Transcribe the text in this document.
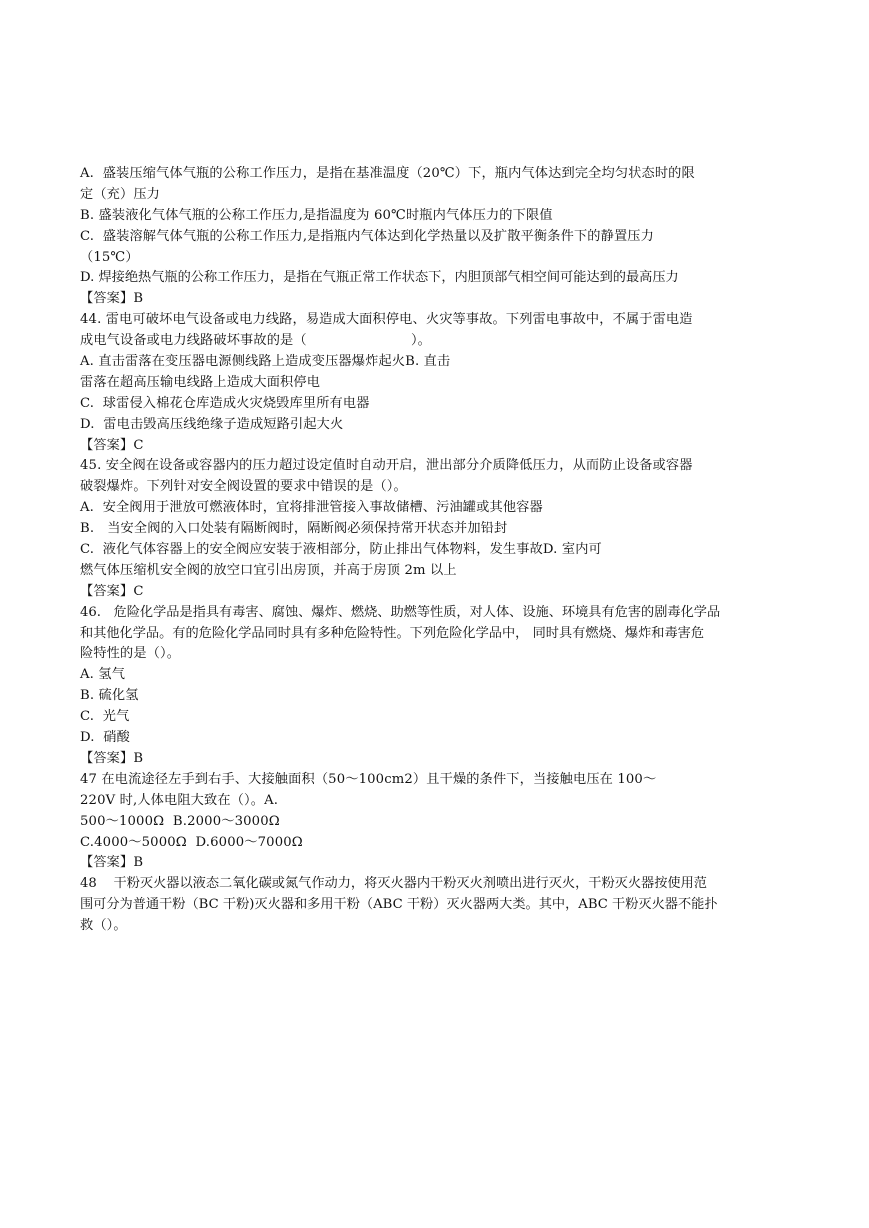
A.  盛装压缩气体气瓶的公称工作压力，是指在基准温度（20℃）下，瓶内气体达到完全均匀状态时的限
定（充）压力
B. 盛装液化气体气瓶的公称工作压力,是指温度为 60℃时瓶内气体压力的下限值
C.  盛装溶解气体气瓶的公称工作压力,是指瓶内气体达到化学热量以及扩散平衡条件下的静置压力
（15℃）
D. 焊接绝热气瓶的公称工作压力，是指在气瓶正常工作状态下，内胆顶部气相空间可能达到的最高压力
【答案】B
44. 雷电可破坏电气设备或电力线路，易造成大面积停电、火灾等事故。下列雷电事故中，不属于雷电造
成电气设备或电力线路破坏事故的是（                        ）。
A. 直击雷落在变压器电源侧线路上造成变压器爆炸起火B. 直击
雷落在超高压输电线路上造成大面积停电
C.  球雷侵入棉花仓库造成火灾烧毁库里所有电器
D.  雷电击毁高压线绝缘子造成短路引起大火
【答案】C
45. 安全阀在设备或容器内的压力超过设定值时自动开启，泄出部分介质降低压力，从而防止设备或容器
破裂爆炸。下列针对安全阀设置的要求中错误的是（）。
A.  安全阀用于泄放可燃液体时，宜将排泄管接入事故储槽、污油罐或其他容器
B.   当安全阀的入口处装有隔断阀时，隔断阀必须保持常开状态并加铅封
C.  液化气体容器上的安全阀应安装于液相部分，防止排出气体物料，发生事故D. 室内可
燃气体压缩机安全阀的放空口宜引出房顶，并高于房顶 2m 以上
【答案】C
46.   危险化学品是指具有毒害、腐蚀、爆炸、燃烧、助燃等性质，对人体、设施、环境具有危害的剧毒化学品
和其他化学品。有的危险化学品同时具有多种危险特性。下列危险化学品中， 同时具有燃烧、爆炸和毒害危
险特性的是（）。
A. 氢气
B. 硫化氢
C.  光气
D.  硝酸
【答案】B
47 在电流途径左手到右手、大接触面积（50～100cm2）且干燥的条件下，当接触电压在 100～
220V 时,人体电阻大致在（）。A.
500～1000Ω  B.2000～3000Ω
C.4000～5000Ω  D.6000～7000Ω
【答案】B
48    干粉灭火器以液态二氧化碳或氮气作动力，将灭火器内干粉灭火剂喷出进行灭火，干粉灭火器按使用范
围可分为普通干粉（BC 干粉)灭火器和多用干粉（ABC 干粉）灭火器两大类。其中，ABC 干粉灭火器不能扑
救（）。
